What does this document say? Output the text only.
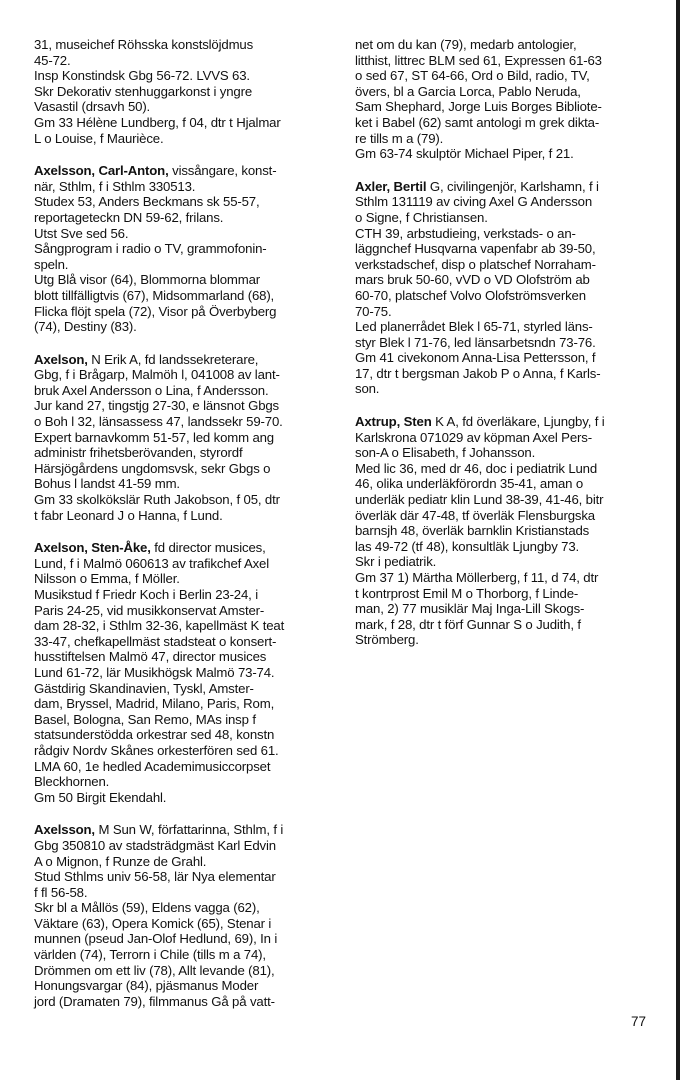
31, museichef Röhsska konstslöjdmus
45-72.
Insp Konstindsk Gbg 56-72. LVVS 63.
Skr Dekorativ stenhuggarkonst i yngre
Vasastil (drsavh 50).
Gm 33 Hélène Lundberg, f 04, dtr t Hjalmar
L o Louise, f Maurièce.
Axelsson, Carl-Anton, vissångare, konst-
när, Sthlm, f i Sthlm 330513.
Studex 53, Anders Beckmans sk 55-57,
reportageteckn DN 59-62, frilans.
Utst Sve sed 56.
Sångprogram i radio o TV, grammofonin-
speln.
Utg Blå visor (64), Blommorna blommar
blott tillfälligtvis (67), Midsommarland (68),
Flicka flöjt spela (72), Visor på Överbyberg
(74), Destiny (83).
Axelson, N Erik A, fd landssekreterare,
Gbg, f i Brågarp, Malmöh l, 041008 av lant-
bruk Axel Andersson o Lina, f Andersson.
Jur kand 27, tingstjg 27-30, e länsnot Gbgs
o Boh l 32, länsassess 47, landssekr 59-70.
Expert barnavkomm 51-57, led komm ang
administr frihetsberövanden, styrordf
Härsjögårdens ungdomsvsk, sekr Gbgs o
Bohus l landst 41-59 mm.
Gm 33 skolkökslär Ruth Jakobson, f 05, dtr
t fabr Leonard J o Hanna, f Lund.
Axelson, Sten-Åke, fd director musices,
Lund, f i Malmö 060613 av trafikchef Axel
Nilsson o Emma, f Möller.
Musikstud f Friedr Koch i Berlin 23-24, i
Paris 24-25, vid musikkonservat Amster-
dam 28-32, i Sthlm 32-36, kapellmäst K teat
33-47, chefkapellmäst stadsteat o konsert-
husstiftelsen Malmö 47, director musices
Lund 61-72, lär Musikhögsk Malmö 73-74.
Gästdirig Skandinavien, Tyskl, Amster-
dam, Bryssel, Madrid, Milano, Paris, Rom,
Basel, Bologna, San Remo, MAs insp f
statsunderstödda orkestrar sed 48, konstn
rådgiv Nordv Skånes orkesterfören sed 61.
LMA 60, 1e hedled Academimusiccorpset
Bleckhornen.
Gm 50 Birgit Ekendahl.
Axelsson, M Sun W, författarinna, Sthlm, f i
Gbg 350810 av stadsträdgmäst Karl Edvin
A o Mignon, f Runze de Grahl.
Stud Sthlms univ 56-58, lär Nya elementar
f fl 56-58.
Skr bl a Mållös (59), Eldens vagga (62),
Väktare (63), Opera Komick (65), Stenar i
munnen (pseud Jan-Olof Hedlund, 69), In i
världen (74), Terrorn i Chile (tills m a 74),
Drömmen om ett liv (78), Allt levande (81),
Honungsvargar (84), pjäsmanus Moder
jord (Dramaten 79), filmmanus Gå på vatt-
net om du kan (79), medarb antologier,
litthist, littrec BLM sed 61, Expressen 61-63
o sed 67, ST 64-66, Ord o Bild, radio, TV,
övers, bl a Garcia Lorca, Pablo Neruda,
Sam Shephard, Jorge Luis Borges Bibliote-
ket i Babel (62) samt antologi m grek dikta-
re tills m a (79).
Gm 63-74 skulptör Michael Piper, f 21.
Axler, Bertil G, civilingenjör, Karlshamn, f i
Sthlm 131119 av civing Axel G Andersson
o Signe, f Christiansen.
CTH 39, arbstudieing, verkstads- o an-
läggnchef Husqvarna vapenfabr ab 39-50,
verkstadschef, disp o platschef Norraham-
mars bruk 50-60, vVD o VD Olofström ab
60-70, platschef Volvo Olofströmsverken
70-75.
Led planerrådet Blek l 65-71, styrled läns-
styr Blek l 71-76, led länsarbetsndn 73-76.
Gm 41 civekonom Anna-Lisa Pettersson, f
17, dtr t bergsman Jakob P o Anna, f Karls-
son.
Axtrup, Sten K A, fd överläkare, Ljungby, f i
Karlskrona 071029 av köpman Axel Pers-
son-A o Elisabeth, f Johansson.
Med lic 36, med dr 46, doc i pediatrik Lund
46, olika underläkförordn 35-41, aman o
underläk pediatr klin Lund 38-39, 41-46, bitr
överläk där 47-48, tf överläk Flensburgska
barnsjh 48, överläk barnklin Kristianstads
las 49-72 (tf 48), konsultläk Ljungby 73.
Skr i pediatrik.
Gm 37 1) Märtha Möllerberg, f 11, d 74, dtr
t kontrprost Emil M o Thorborg, f Linde-
man, 2) 77 musiklär Maj Inga-Lill Skogs-
mark, f 28, dtr t förf Gunnar S o Judith, f
Strömberg.
77
